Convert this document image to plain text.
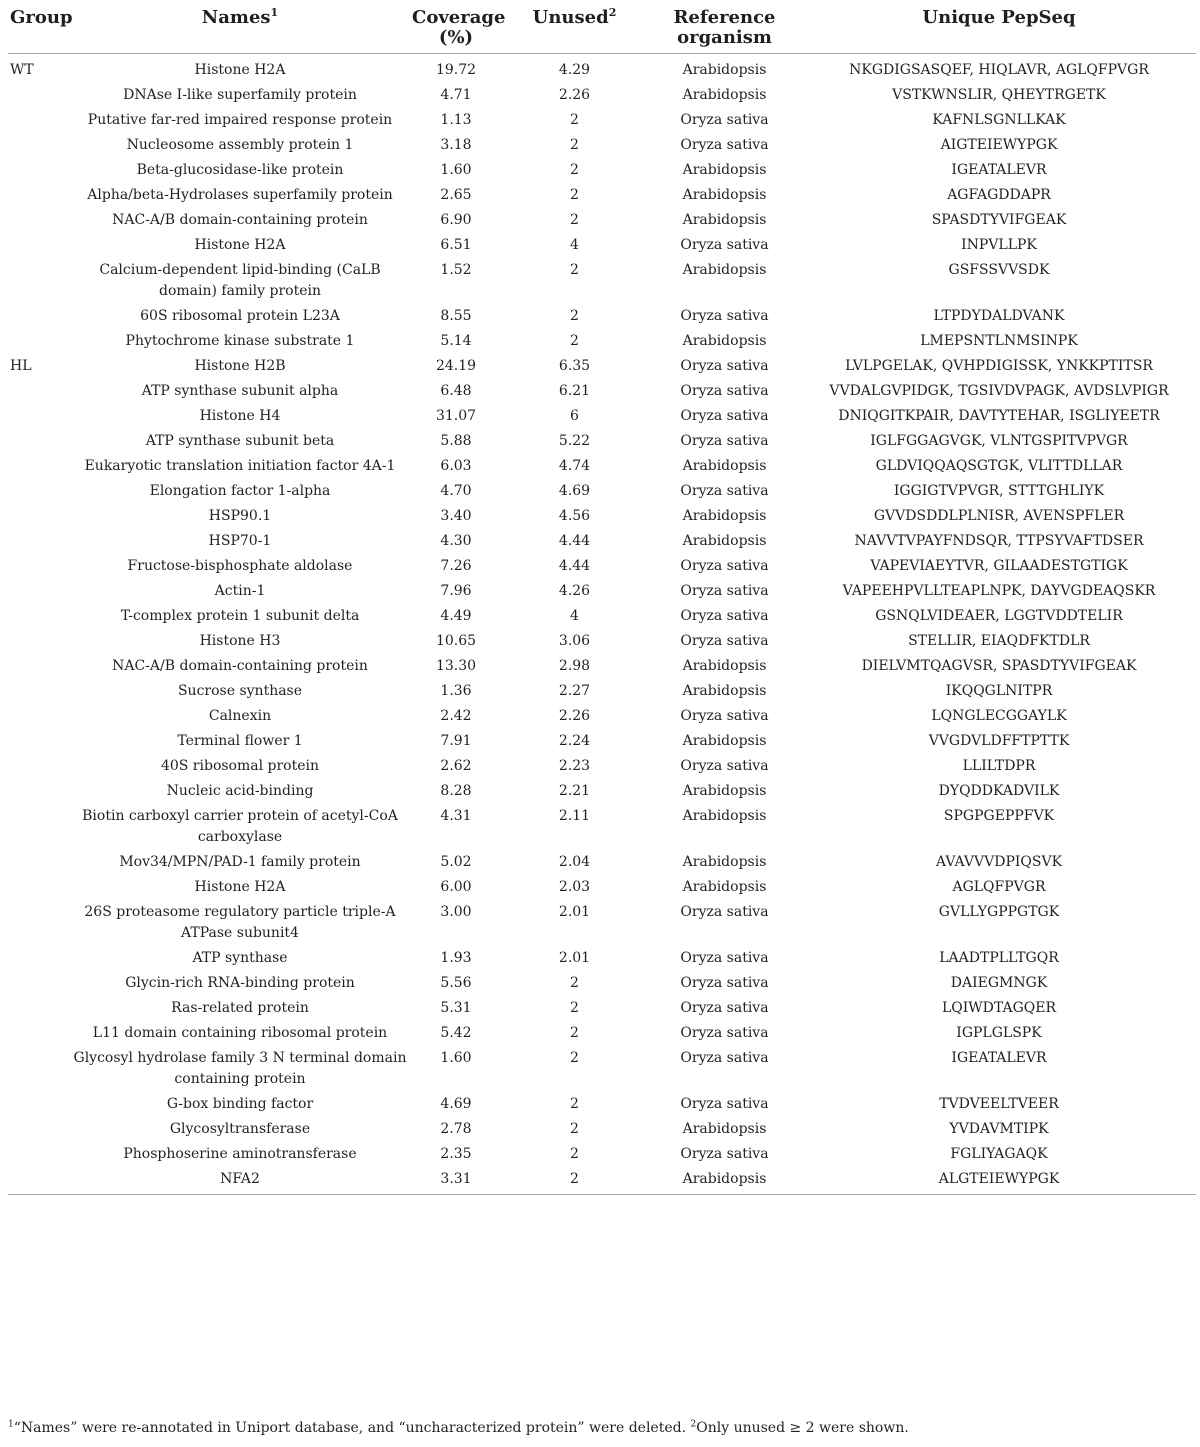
Group	Names$^1$	Coverage (%)	Unused$^2$	Reference organism	Unique PepSeq
WT	Histone H2A	19.72	4.29	Arabidopsis	NKGDIGSASQEF, HIQLAVR, AGLQFPVGR
	DNAse I-like superfamily protein	4.71	2.26	Arabidopsis	VSTKWNSLIR, QHEYTRGETK
	Putative far-red impaired response protein	1.13	2	Oryza sativa	KAFNLSGNLLKAK
	Nucleosome assembly protein 1	3.18	2	Oryza sativa	AIGTEIEWYPGK
	Beta-glucosidase-like protein	1.60	2	Arabidopsis	IGEATALEVR
	Alpha/beta-Hydrolases superfamily protein	2.65	2	Arabidopsis	AGFAGDDAPR
	NAC-A/B domain-containing protein	6.90	2	Arabidopsis	SPASDTYVIFGEAK
	Histone H2A	6.51	4	Oryza sativa	INPVLLPK
	Calcium-dependent lipid-binding (CaLB domain) family protein	1.52	2	Arabidopsis	GSFSSVVSDK
	60S ribosomal protein L23A	8.55	2	Oryza sativa	LTPDYDALDVANK
	Phytochrome kinase substrate 1	5.14	2	Arabidopsis	LMEPSNTLNMSINPK
HL	Histone H2B	24.19	6.35	Oryza sativa	LVLPGELAK, QVHPDIGISSK, YNKKPTITSR
	ATP synthase subunit alpha	6.48	6.21	Oryza sativa	VVDALGVPIDGK, TGSIVDVPAGK, AVDSLVPIGR
	Histone H4	31.07	6	Oryza sativa	DNIQGITKPAIR, DAVTYTEHAR, ISGLIYEETR
	ATP synthase subunit beta	5.88	5.22	Oryza sativa	IGLFGGAGVGK, VLNTGSPITVPVGR
	Eukaryotic translation initiation factor 4A-1	6.03	4.74	Arabidopsis	GLDVIQQAQSGTGK, VLITTDLLAR
	Elongation factor 1-alpha	4.70	4.69	Oryza sativa	IGGIGTVPVGR, STTTGHLIYK
	HSP90.1	3.40	4.56	Arabidopsis	GVVDSDDLPLNISR, AVENSPFLER
	HSP70-1	4.30	4.44	Arabidopsis	NAVVTVPAYFNDSQR, TTPSYVAFTDSER
	Fructose-bisphosphate aldolase	7.26	4.44	Oryza sativa	VAPEVIAEYTVR, GILAADESTGTIGK
	Actin-1	7.96	4.26	Oryza sativa	VAPEEHPVLLTEAPLNPK, DAYVGDEAQSKR
	T-complex protein 1 subunit delta	4.49	4	Oryza sativa	GSNQLVIDEAER, LGGTVDDTELIR
	Histone H3	10.65	3.06	Oryza sativa	STELLIR, EIAQDFKTDLR
	NAC-A/B domain-containing protein	13.30	2.98	Arabidopsis	DIELVMTQAGVSR, SPASDTYVIFGEAK
	Sucrose synthase	1.36	2.27	Arabidopsis	IKQQGLNITPR
	Calnexin	2.42	2.26	Oryza sativa	LQNGLECGGAYLK
	Terminal flower 1	7.91	2.24	Arabidopsis	VVGDVLDFFTPTTK
	40S ribosomal protein	2.62	2.23	Oryza sativa	LLILTDPR
	Nucleic acid-binding	8.28	2.21	Arabidopsis	DYQDDKADVILK
	Biotin carboxyl carrier protein of acetyl-CoA carboxylase	4.31	2.11	Arabidopsis	SPGPGEPPFVK
	Mov34/MPN/PAD-1 family protein	5.02	2.04	Arabidopsis	AVAVVVDPIQSVK
	Histone H2A	6.00	2.03	Arabidopsis	AGLQFPVGR
	26S proteasome regulatory particle triple-A ATPase subunit4	3.00	2.01	Oryza sativa	GVLLYGPPGTGK
	ATP synthase	1.93	2.01	Oryza sativa	LAADTPLLTGQR
	Glycin-rich RNA-binding protein	5.56	2	Oryza sativa	DAIEGMNGK
	Ras-related protein	5.31	2	Oryza sativa	LQIWDTAGQER
	L11 domain containing ribosomal protein	5.42	2	Oryza sativa	IGPLGLSPK
	Glycosyl hydrolase family 3 N terminal domain containing protein	1.60	2	Oryza sativa	IGEATALEVR
	G-box binding factor	4.69	2	Oryza sativa	TVDVEELTVEER
	Glycosyltransferase	2.78	2	Arabidopsis	YVDAVMTIPK
	Phosphoserine aminotransferase	2.35	2	Oryza sativa	FGLIYAGAQK
	NFA2	3.31	2	Arabidopsis	ALGTEIEWYPGK
$^1$“Names” were re-annotated in Uniport database, and “uncharacterized protein” were deleted. $^2$Only unused ≥ 2 were shown.
